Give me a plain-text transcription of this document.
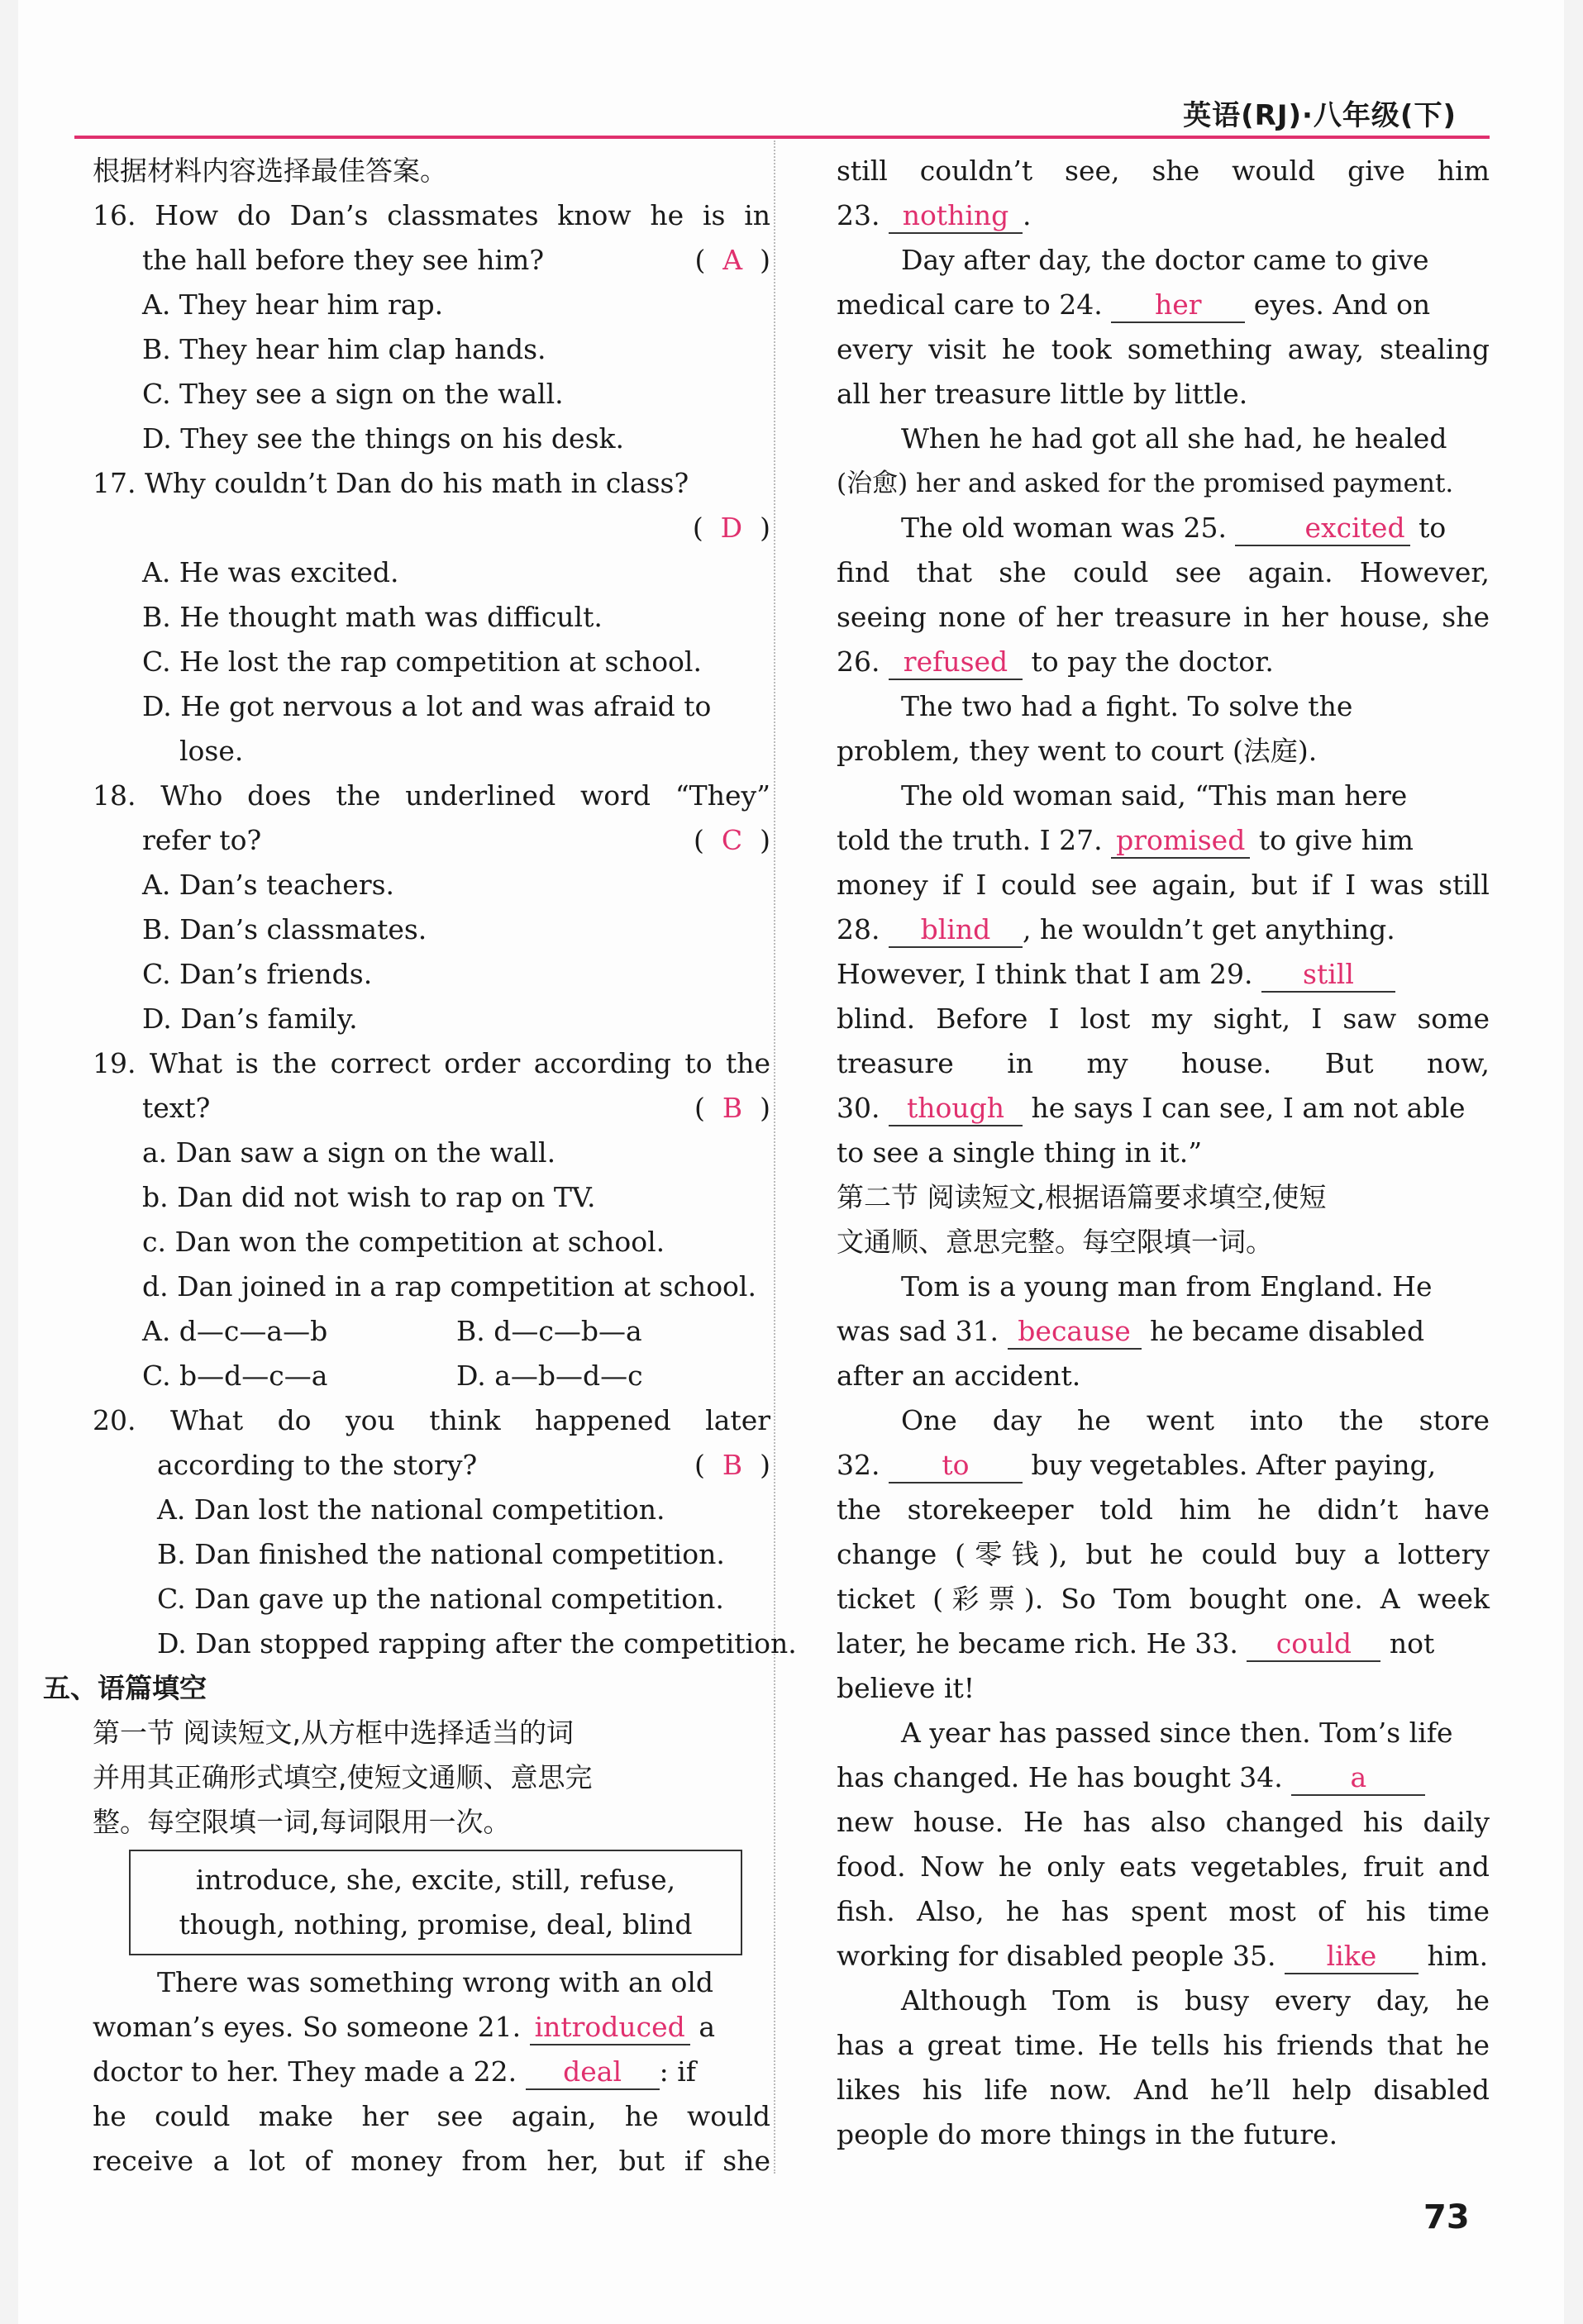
英语(RJ)·八年级(下)
根据材料内容选择最佳答案。
16. How do Dan’s classmates know he is in
the hall before they see him?	( A )
A. They hear him rap.
B. They hear him clap hands.
C. They see a sign on the wall.
D. They see the things on his desk.
17. Why couldn’t Dan do his math in class?

( D )
A. He was excited.
B. He thought math was difficult.
C. He lost the rap competition at school.
D. He got nervous a lot and was afraid to
lose.
18. Who does the underlined word “They”
refer to?	( C )
A. Dan’s teachers.
B. Dan’s classmates.
C. Dan’s friends.
D. Dan’s family.
19. What is the correct order according to the
text?	( B )
a. Dan saw a sign on the wall.
b. Dan did not wish to rap on TV.
c. Dan won the competition at school.
d. Dan joined in a rap competition at school.
A. d—c—a—b	B. d—c—b—a
C. b—d—c—a	D. a—b—d—c
20. What do you think happened later
according to the story?	( B )
A. Dan lost the national competition.
B. Dan finished the national competition.
C. Dan gave up the national competition.
D. Dan stopped rapping after the competition.
五、语篇填空
第一节 阅读短文,从方框中选择适当的词
并用其正确形式填空,使短文通顺、意思完
整。每空限填一词,每词限用一次。
introduce, she, excite, still, refuse,
though, nothing, promise, deal, blind
There was something wrong with an old
woman’s eyes. So someone 21. introduced a
doctor to her. They made a 22. deal : if
he could make her see again, he would
receive a lot of money from her, but if she
still couldn’t see, she would give him
23. nothing .
Day after day, the doctor came to give
medical care to 24. her eyes. And on
every visit he took something away, stealing
all her treasure little by little.
When he had got all she had, he healed
(治愈) her and asked for the promised payment.
The old woman was 25.	excited to
find that she could see again. However,
seeing none of her treasure in her house, she
26. refused to pay the doctor.
The two had a fight. To solve the
problem, they went to court (法庭).
The old woman said, “This man here
told the truth. I 27. promised to give him
money if I could see again, but if I was still
28. blind , he wouldn’t get anything.
However, I think that I am 29. still
blind. Before I lost my sight, I saw some
treasure in my house. But now,
30. though he says I can see, I am not able
to see a single thing in it.”
第二节 阅读短文,根据语篇要求填空,使短
文通顺、意思完整。每空限填一词。
Tom is a young man from England. He
was sad 31. because he became disabled
after an accident.
One day he went into the store
32. to buy vegetables. After paying,
the storekeeper told him he didn’t have
change (零钱), but he could buy a lottery
ticket (彩票). So Tom bought one. A week
later, he became rich. He 33. could not
believe it!
A year has passed since then. Tom’s life
has changed. He has bought 34. a
new house. He has also changed his daily
food. Now he only eats vegetables, fruit and
fish. Also, he has spent most of his time
working for disabled people 35. like him.
Although Tom is busy every day, he
has a great time. He tells his friends that he
likes his life now. And he’ll help disabled
people do more things in the future.
73
